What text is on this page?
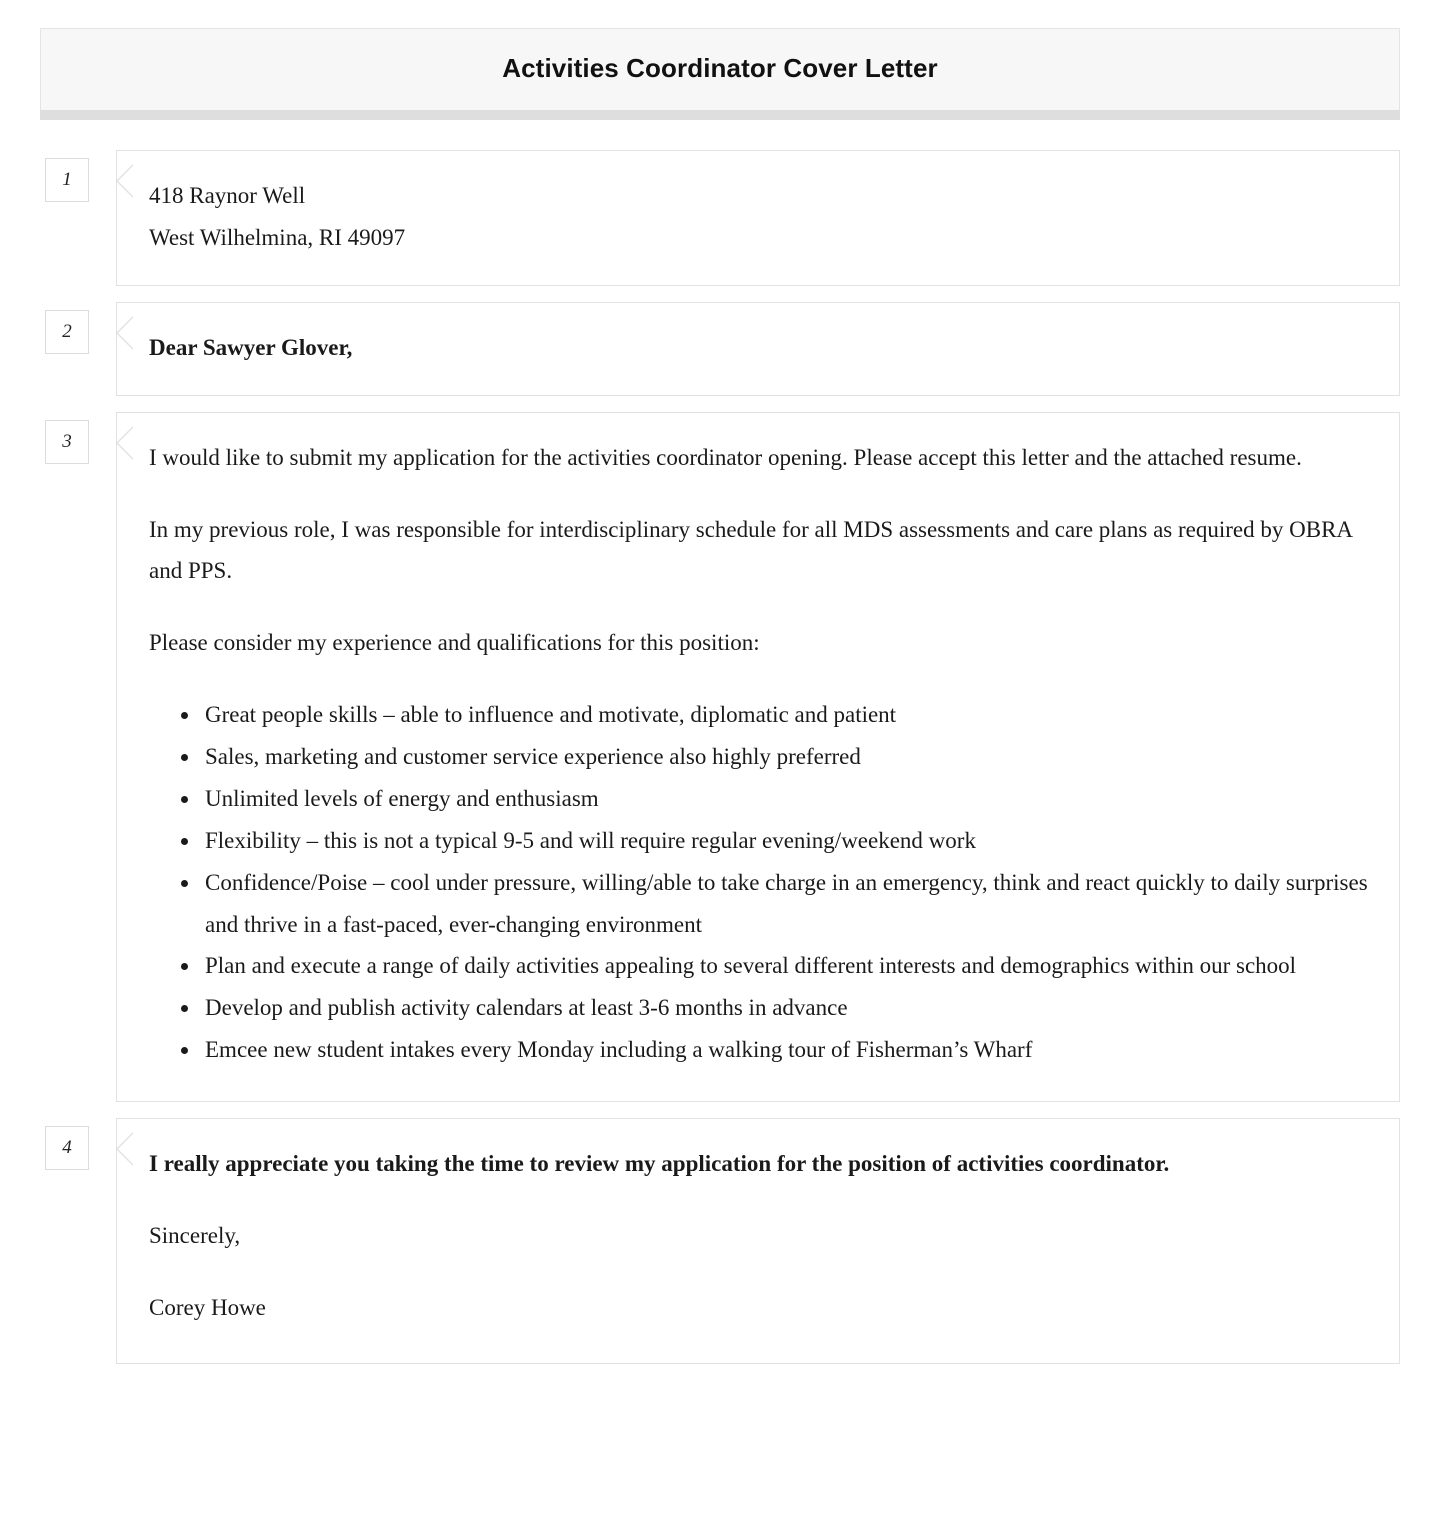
Activities Coordinator Cover Letter
1

418 Raynor Well

West Wilhelmina, RI 49097

2

Dear Sawyer Glover,

3

I would like to submit my application for the activities coordinator opening. Please accept this letter and the attached resume.

In my previous role, I was responsible for interdisciplinary schedule for all MDS assessments and care plans as required by OBRA and PPS.

Please consider my experience and qualifications for this position:

• Great people skills – able to influence and motivate, diplomatic and patient
• Sales, marketing and customer service experience also highly preferred
• Unlimited levels of energy and enthusiasm
• Flexibility – this is not a typical 9-5 and will require regular evening/weekend work
• Confidence/Poise – cool under pressure, willing/able to take charge in an emergency, think and react quickly to daily surprises and thrive in a fast-paced, ever-changing environment
• Plan and execute a range of daily activities appealing to several different interests and demographics within our school
• Develop and publish activity calendars at least 3-6 months in advance
• Emcee new student intakes every Monday including a walking tour of Fisherman’s Wharf
4

I really appreciate you taking the time to review my application for the position of activities coordinator.

Sincerely,

Corey Howe
